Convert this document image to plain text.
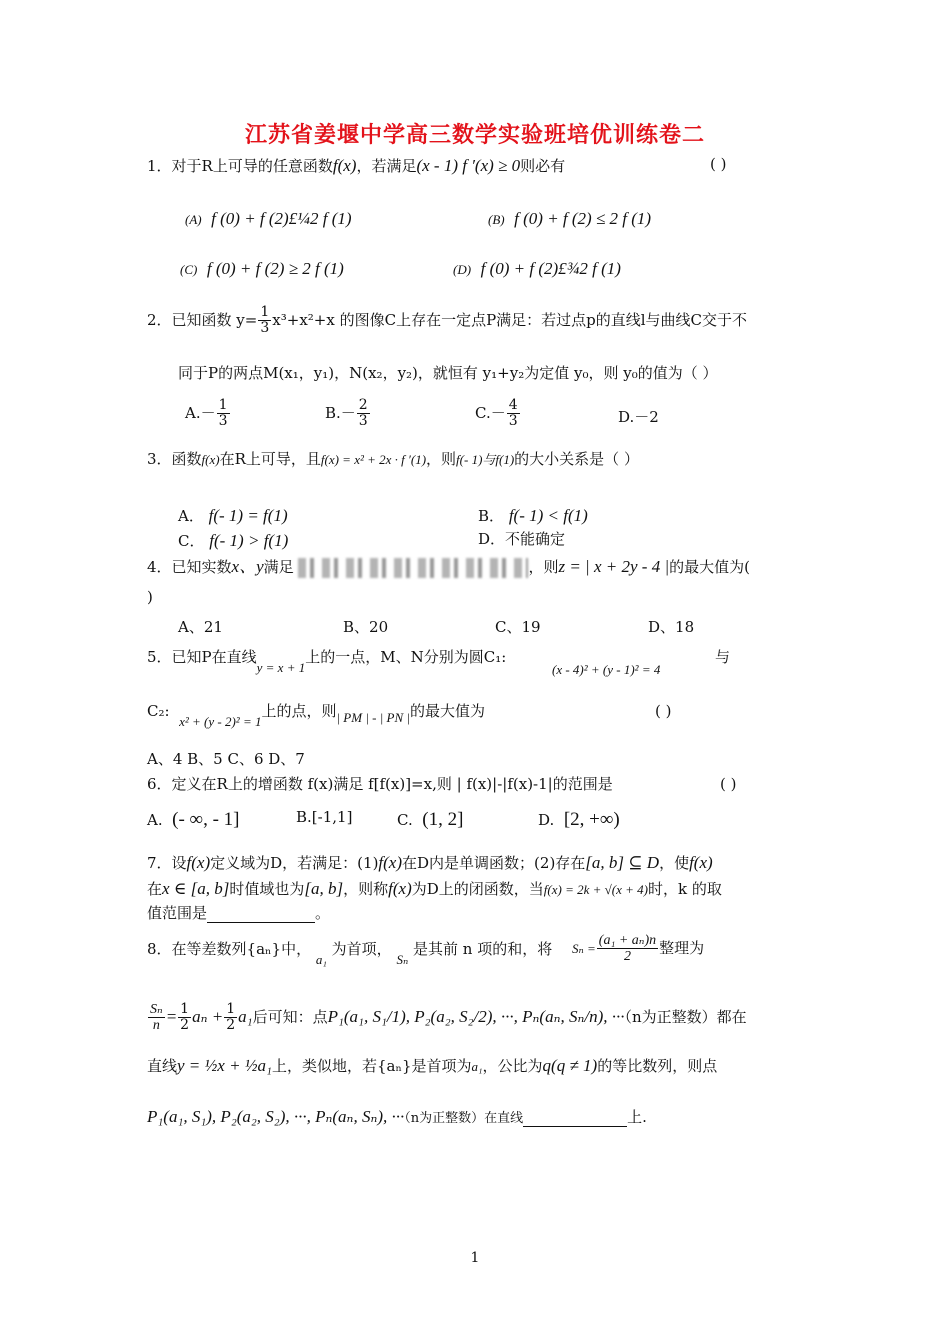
江苏省姜堰中学高三数学实验班培优训练卷二
1．对于R上可导的任意函数f(x)，若满足(x - 1) f ′(x) ≥ 0则必有	( )
(A) f (0) + f (2)£¼2 f (1)	(B) f (0) + f (2) ≤ 2 f (1)
(C) f (0) + f (2) ≥ 2 f (1)	(D) f (0) + f (2)£¾2 f (1)
2．已知函数 $y= \frac{1}{3} x^3+x^2+x$ 的图像C上存在一定点P满足：若过点p的直线l与曲线C交于不
同于P的两点M(x₁，y₁)，N(x₂，y₂)，就恒有 y₁+y₂为定值 y₀，则 y₀的值为（ ）
$A.- \frac{1}{3}$	$B.- \frac{2}{3}$	$C.- \frac{4}{3}$	D.－2
3．函数f(x)在R上可导，且f(x) = x² + 2x · f ′(1)，则f(- 1)与f(1)的大小关系是（ ）
A． f(- 1) = f(1)	B． f(- 1) < f(1)
C． f(- 1) > f(1)	D．不能确定
4．已知实数x、y满足	，则z = | x + 2y - 4 |的最大值为(
)
A、21	B、20	C、19	D、18
5．已知P在直线y = x + 1上的一点，M、N分别为圆C₁:
(x - 4)² + (y - 1)² = 4
与
C₂:  x² + (y - 2)² = 1上的点，则| PM | - | PN |的最大值为	( )
A、4 B、5 C、6 D、7
6．定义在R上的增函数 f(x)满足 f[f(x)]=x,则 | f(x)|-|f(x)-1|的范围是	( )
A. (- ∞, - 1]	B.[-1,1]	C. (1, 2]	D. [2, +∞)
7．设f(x)定义域为D，若满足：(1)f(x)在D内是单调函数；(2)存在[a, b] ⊆ D，使f(x)
在x ∈ [a, b]时值域也为[a, b]，则称f(x)为D上的闭函数，当f(x) = 2k + √(x + 4)时，k 的取
值范围是	。
8．在等差数列{aₙ}中， a₁ 为首项， Sₙ 是其前 n 项的和，将 $S_n = \frac{\text{(a₁ + aₙ)n}}{2}$ 整理为
$\frac{\text{Sₙ}}{n} = \frac{1}{2}$ $a_n + \frac{1}{2} a_1$后可知：点P₁(a₁, S₁/1), P₂(a₂, S₂/2), ···, Pₙ(aₙ, Sₙ/n), ···（n为正整数）都在
直线y = ½x + ½a₁上，类似地，若{aₙ}是首项为a₁，公比为q(q ≠ 1)的等比数列，则点
P₁(a₁, S₁), P₂(a₂, S₂), ···, Pₙ(aₙ, Sₙ), ···（n为正整数）在直线	上.
1
